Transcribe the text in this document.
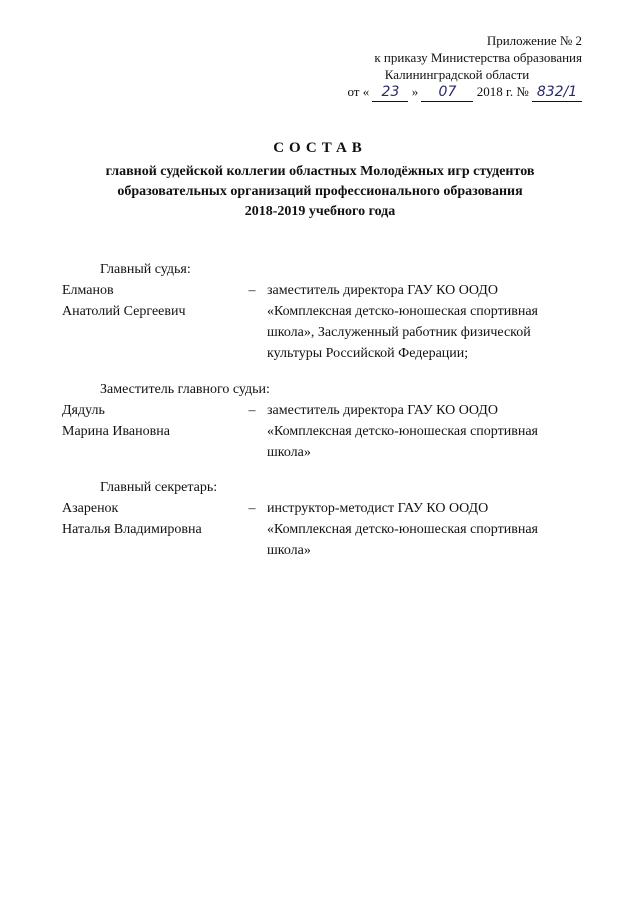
Приложение № 2
к приказу Министерства образования
Калининградской области
от « 23 » 07 2018 г. № 832/1
СОСТАВ
главной судейской коллегии областных Молодёжных игр студентов
образовательных организаций профессионального образования
2018-2019 учебного года
Главный судья:
Елманов
Анатолий Сергеевич
– заместитель директора ГАУ КО ООДО
«Комплексная детско-юношеская спортивная
школа», Заслуженный работник физической
культуры Российской Федерации;
Заместитель главного судьи:
Дядуль
Марина Ивановна
– заместитель директора ГАУ КО ООДО
«Комплексная детско-юношеская спортивная
школа»
Главный секретарь:
Азаренок
Наталья Владимировна
– инструктор-методист ГАУ КО ООДО
«Комплексная детско-юношеская спортивная
школа»
